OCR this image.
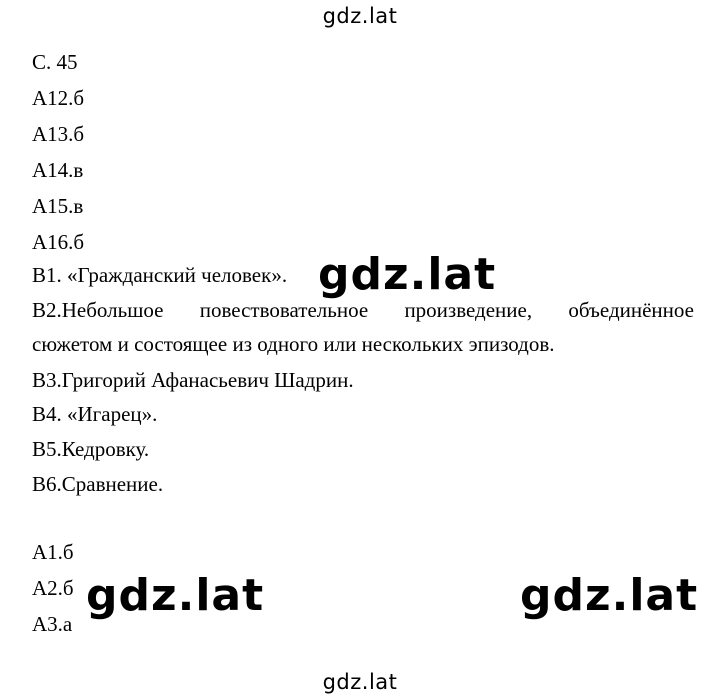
gdz.lat
С. 45
А12.б
А13.б
А14.в
А15.в
А16.б
В1. «Гражданский человек».
В2.Небольшое повествовательное произведение, объединённое
сюжетом и состоящее из одного или нескольких эпизодов.
В3.Григорий Афанасьевич Шадрин.
В4. «Игарец».
В5.Кедровку.
В6.Сравнение.
А1.б
А2.б
А3.а
gdz.lat
gdz.lat	gdz.lat
gdz.lat
